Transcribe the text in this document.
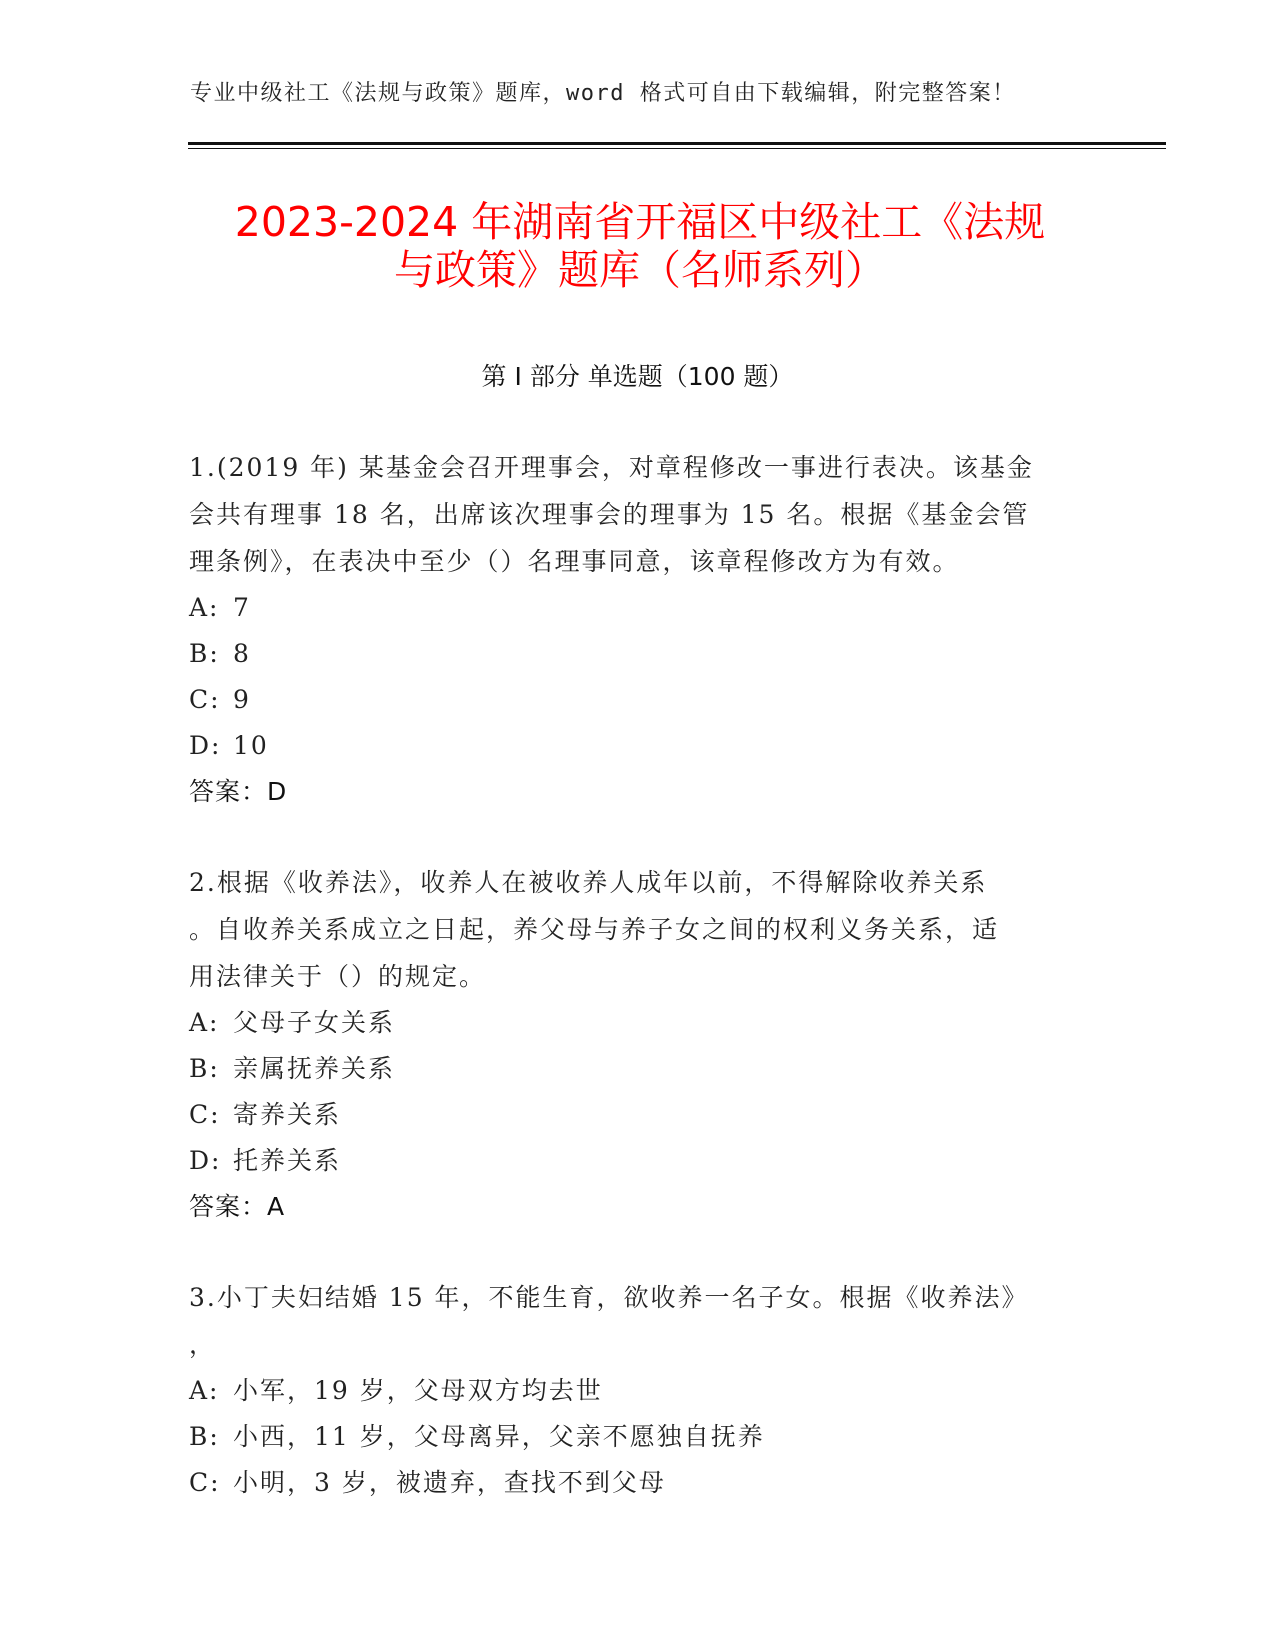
专业中级社工《法规与政策》题库，word 格式可自由下载编辑，附完整答案！
2023-2024 年湖南省开福区中级社工《法规
与政策》题库（名师系列）
第 I 部分 单选题（100 题）

1.(2019 年) 某基金会召开理事会，对章程修改一事进行表决。该基金

会共有理事 18 名，出席该次理事会的理事为 15 名。根据《基金会管

理条例》，在表决中至少（）名理事同意，该章程修改方为有效。

A: 7

B: 8

C: 9

D: 10

答案：D

2.根据《收养法》，收养人在被收养人成年以前，不得解除收养关系

。自收养关系成立之日起，养父母与养子女之间的权利义务关系，适

用法律关于（）的规定。

A: 父母子女关系

B: 亲属抚养关系

C: 寄养关系

D: 托养关系

答案：A

3.小丁夫妇结婚 15 年，不能生育，欲收养一名子女。根据《收养法》

，

A: 小军，19 岁，父母双方均去世

B: 小西，11 岁，父母离异，父亲不愿独自抚养

C: 小明，3 岁，被遗弃，查找不到父母
